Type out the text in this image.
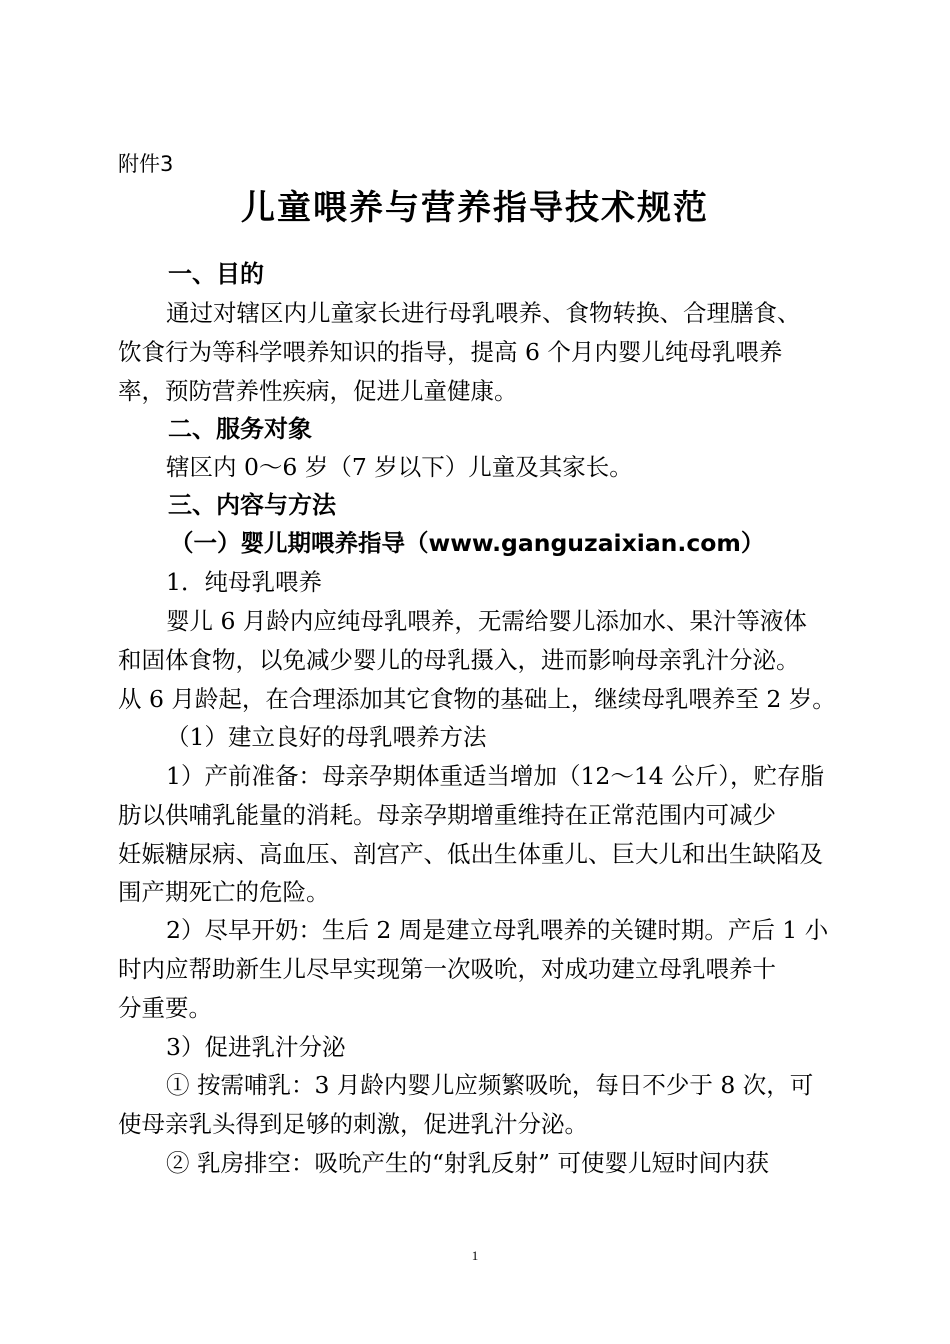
附件3
儿童喂养与营养指导技术规范
一、目的
通过对辖区内儿童家长进行母乳喂养、食物转换、合理膳食、
饮食行为等科学喂养知识的指导，提高 6 个月内婴儿纯母乳喂养
率，预防营养性疾病，促进儿童健康。
二、服务对象
辖区内 0～6 岁（7 岁以下）儿童及其家长。
三、内容与方法
（一）婴儿期喂养指导（www.ganguzaixian.com）
1．纯母乳喂养
婴儿 6 月龄内应纯母乳喂养，无需给婴儿添加水、果汁等液体
和固体食物，以免减少婴儿的母乳摄入，进而影响母亲乳汁分泌。
从 6 月龄起，在合理添加其它食物的基础上，继续母乳喂养至 2 岁。
（1）建立良好的母乳喂养方法
1）产前准备：母亲孕期体重适当增加（12～14 公斤），贮存脂
肪以供哺乳能量的消耗。母亲孕期增重维持在正常范围内可减少
妊娠糖尿病、高血压、剖宫产、低出生体重儿、巨大儿和出生缺陷及
围产期死亡的危险。
2）尽早开奶：生后 2 周是建立母乳喂养的关键时期。产后 1 小
时内应帮助新生儿尽早实现第一次吸吮，对成功建立母乳喂养十
分重要。
3）促进乳汁分泌
① 按需哺乳：3 月龄内婴儿应频繁吸吮，每日不少于 8 次，可
使母亲乳头得到足够的刺激，促进乳汁分泌。
② 乳房排空：吸吮产生的“射乳反射” 可使婴儿短时间内获
1
